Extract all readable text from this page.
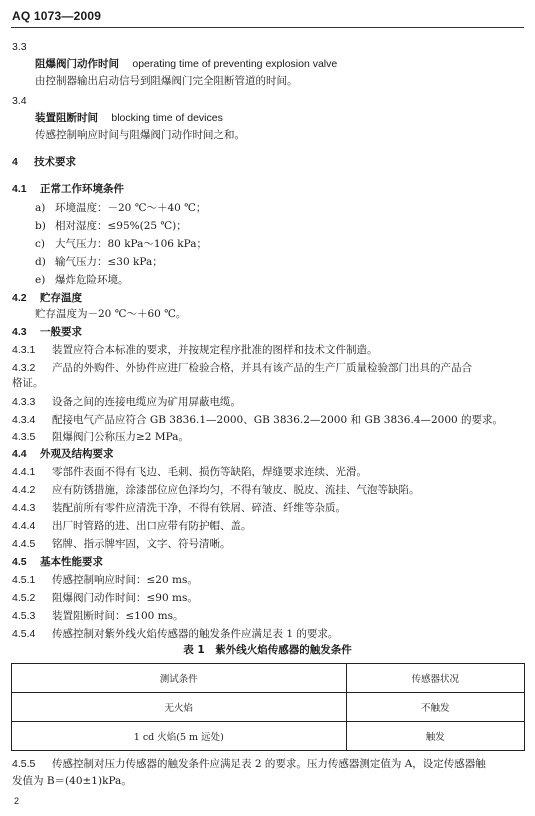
AQ 1073—2009
3.3
阻爆阀门动作时间 operating time of preventing explosion valve
由控制器输出启动信号到阻爆阀门完全阻断管道的时间。
3.4
装置阻断时间 blocking time of devices
传感控制响应时间与阻爆阀门动作时间之和。
4 技术要求
4.1 正常工作环境条件
a) 环境温度：－20 ℃～＋40 ℃；
b) 相对湿度：≤95%(25 ℃)；
c) 大气压力：80 kPa～106 kPa；
d) 输气压力：≤30 kPa；
e) 爆炸危险环境。
4.2 贮存温度
贮存温度为－20 ℃～＋60 ℃。
4.3 一般要求
4.3.1 装置应符合本标准的要求，并按规定程序批准的图样和技术文件制造。
4.3.2 产品的外购件、外协件应进厂检验合格，并具有该产品的生产厂质量检验部门出具的产品合
格证。
4.3.3 设备之间的连接电缆应为矿用屏蔽电缆。
4.3.4 配接电气产品应符合 GB 3836.1—2000、GB 3836.2—2000 和 GB 3836.4—2000 的要求。
4.3.5 阻爆阀门公称压力≥2 MPa。
4.4 外观及结构要求
4.4.1 零部件表面不得有飞边、毛刺、损伤等缺陷，焊缝要求连续、光滑。
4.4.2 应有防锈措施，涂漆部位应色泽均匀，不得有皱皮、脱皮、流挂、气泡等缺陷。
4.4.3 装配前所有零件应清洗干净，不得有铁屑、碎渣、纤维等杂质。
4.4.4 出厂时管路的进、出口应带有防护帽、盖。
4.4.5 铭牌、指示牌牢固，文字、符号清晰。
4.5 基本性能要求
4.5.1 传感控制响应时间：≤20 ms。
4.5.2 阻爆阀门动作时间：≤90 ms。
4.5.3 装置阻断时间：≤100 ms。
4.5.4 传感控制对紫外线火焰传感器的触发条件应满足表 1 的要求。
表 1　紫外线火焰传感器的触发条件
测试条件	传感器状况
无火焰	不触发
1 cd 火焰(5 m 远处)	触发
4.5.5 传感控制对压力传感器的触发条件应满足表 2 的要求。压力传感器测定值为 A，设定传感器触
发值为 B＝(40±1)kPa。
2
